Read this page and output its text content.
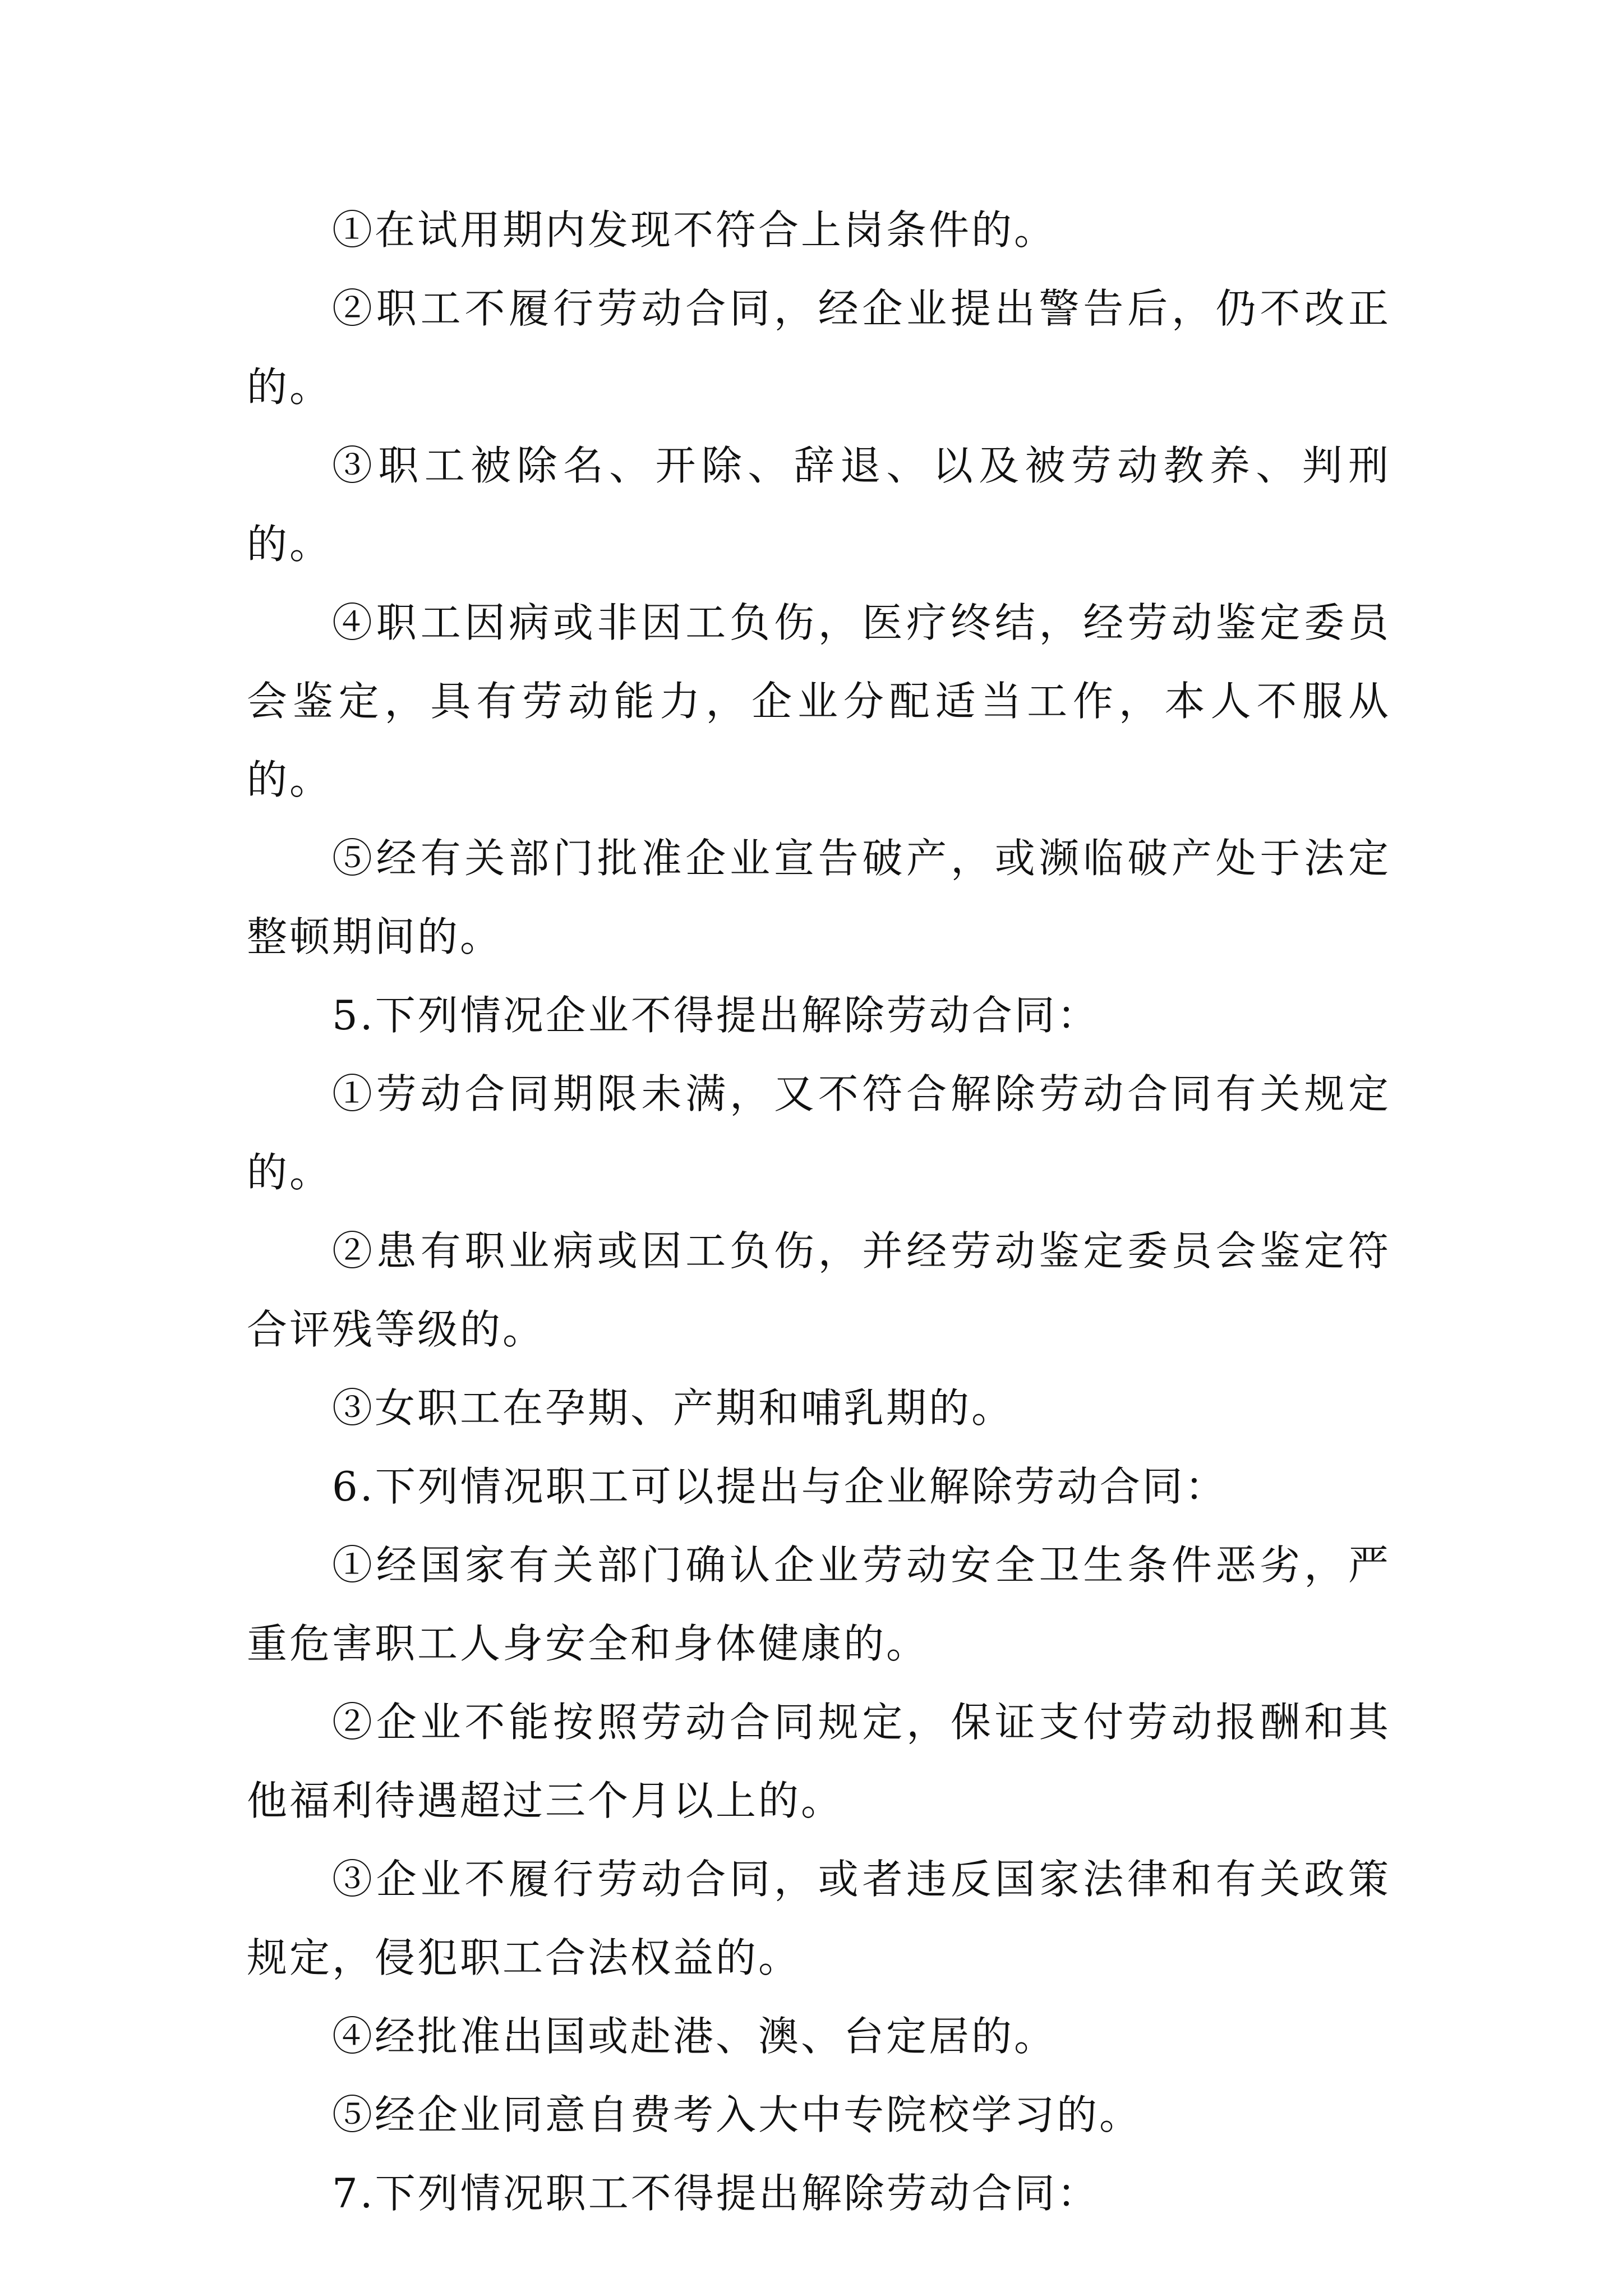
①在试用期内发现不符合上岗条件的。

②职工不履行劳动合同，经企业提出警告后，仍不改正的。

③职工被除名、开除、辞退、以及被劳动教养、判刑的。

④职工因病或非因工负伤，医疗终结，经劳动鉴定委员会鉴定，具有劳动能力，企业分配适当工作，本人不服从的。

⑤经有关部门批准企业宣告破产，或濒临破产处于法定整顿期间的。

5.下列情况企业不得提出解除劳动合同：

①劳动合同期限未满，又不符合解除劳动合同有关规定的。

②患有职业病或因工负伤，并经劳动鉴定委员会鉴定符合评残等级的。

③女职工在孕期、产期和哺乳期的。

6.下列情况职工可以提出与企业解除劳动合同：

①经国家有关部门确认企业劳动安全卫生条件恶劣，严重危害职工人身安全和身体健康的。

②企业不能按照劳动合同规定，保证支付劳动报酬和其他福利待遇超过三个月以上的。

③企业不履行劳动合同，或者违反国家法律和有关政策规定，侵犯职工合法权益的。

④经批准出国或赴港、澳、台定居的。

⑤经企业同意自费考入大中专院校学习的。

7.下列情况职工不得提出解除劳动合同：
